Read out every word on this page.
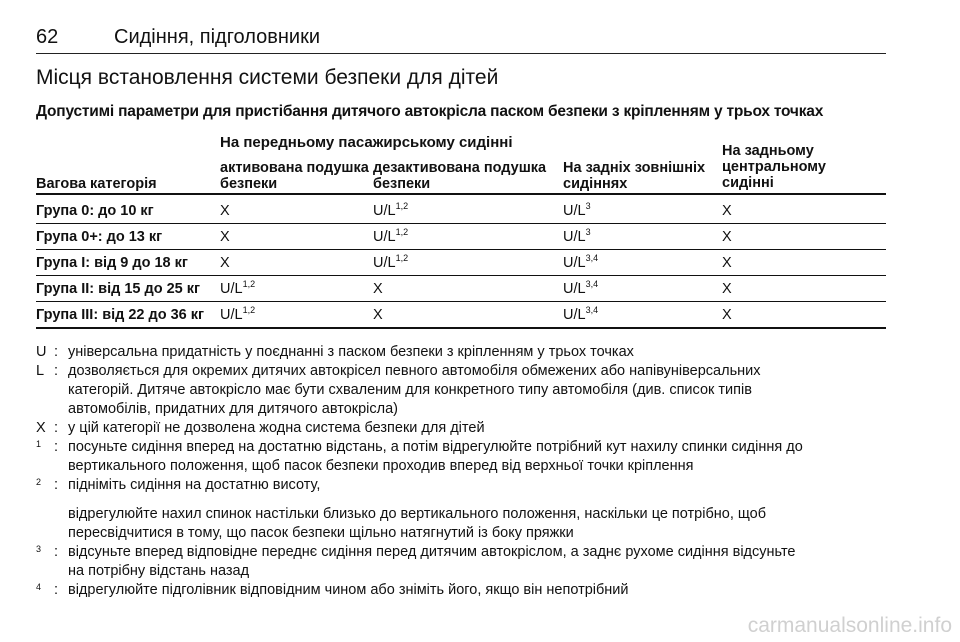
62	Сидіння, підголовники
Місця встановлення системи безпеки для дітей
Допустимі параметри для пристібання дитячого автокрісла паском безпеки з кріпленням у трьох точках
На передньому пасажирському сидінні
Вагова категорія
активована подушка безпеки
дезактивована подушка безпеки
На задніх зовнішніх сидіннях
На задньому центральному сидінні
Група 0: до 10 кг	X	$U/L^{1,2}$	$U/L^3$	X
Група 0+: до 13 кг	X	$U/L^{1,2}$	$U/L^3$	X
Група I: від 9 до 18 кг X	$U/L^{1,2}$	$U/L^{3,4}$	X
Група II: від 15 до 25 кг $U/L^{1,2}$	X	$U/L^{3,4}$	X
Група III: від 22 до 36 кг $U/L^{1,2}$	X	$U/L^{3,4}$	X
U : універсальна придатність у поєднанні з паском безпеки з кріпленням у трьох точках
L : дозволяється для окремих дитячих автокрісел певного автомобіля обмежених або напівуніверсальних
категорій. Дитяче автокрісло має бути схваленим для конкретного типу автомобіля (див. список типів
автомобілів, придатних для дитячого автокрісла)
X : у цій категорії не дозволена жодна система безпеки для дітей
1 : посуньте сидіння вперед на достатню відстань, а потім відрегулюйте потрібний кут нахилу спинки сидіння до
вертикального положення, щоб пасок безпеки проходив вперед від верхньої точки кріплення
2 : підніміть сидіння на достатню висоту,
відрегулюйте нахил спинок настільки близько до вертикального положення, наскільки це потрібно, щоб
пересвідчитися в тому, що пасок безпеки щільно натягнутий із боку пряжки
3 : відсуньте вперед відповідне переднє сидіння перед дитячим автокріслом, а заднє рухоме сидіння відсуньте
на потрібну відстань назад
4 : відрегулюйте підголівник відповідним чином або зніміть його, якщо він непотрібний
carmanualsonline.info
